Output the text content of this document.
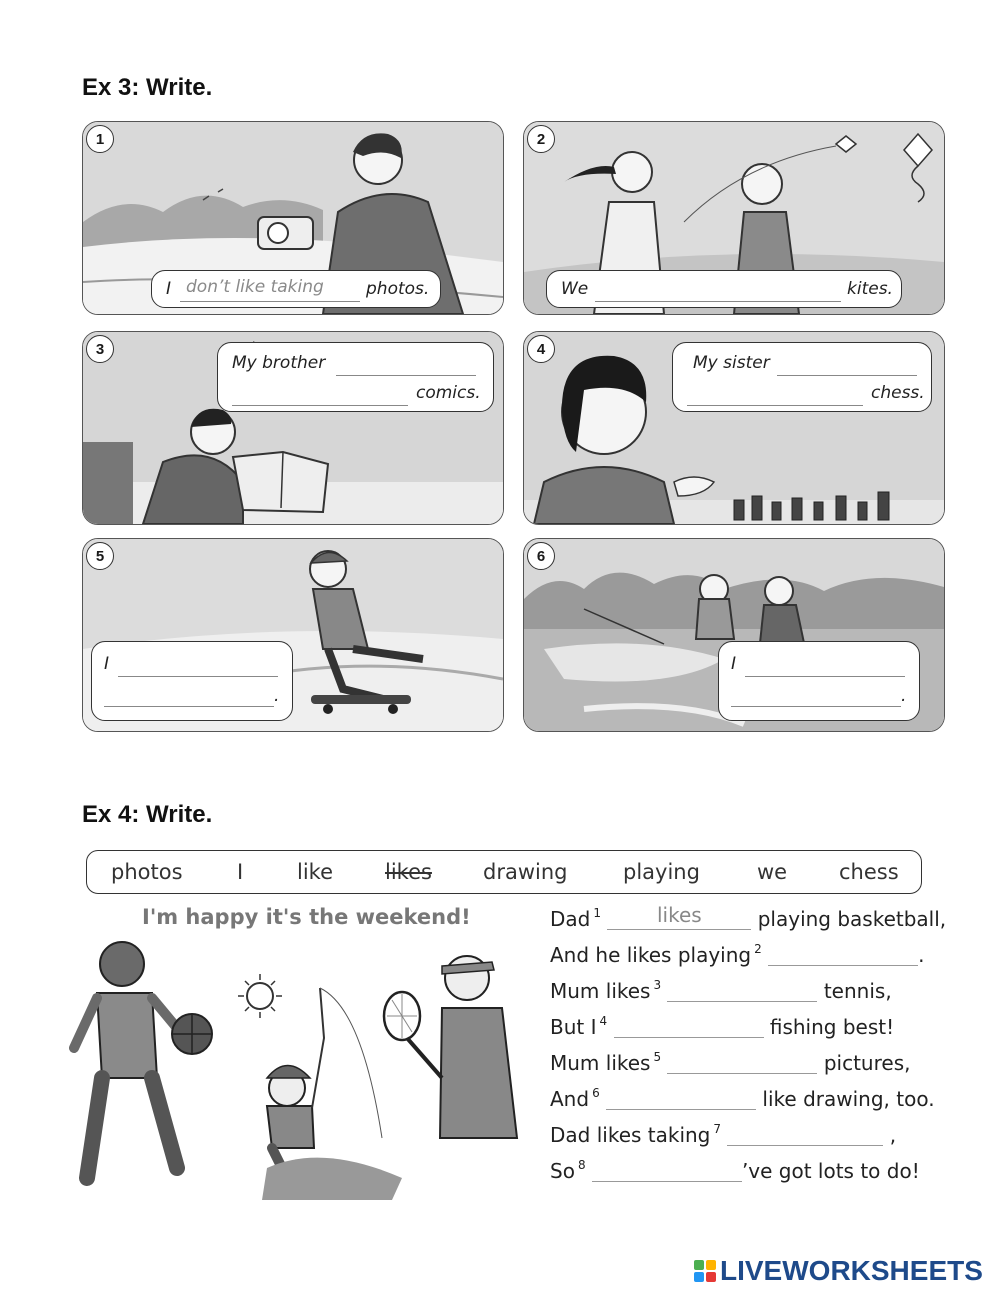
Ex 3: Write.
1
I don’t like taking photos.
2
We	kites.
3
My brother
comics.
4
My sister
chess.
5
I
.
6
I
.
Ex 4: Write.
photos	I	like likes drawing	playing	we chess
I'm happy it's the weekend!	Dad $^1$	likes	playing basketball,
And he likes playing $^2$	.
Mum likes $^3$	tennis,
But I $^4$	fishing best!
Mum likes $^5$	pictures,
And $^6$	like drawing, too.
Dad likes taking $^7$	,
So $^8$	’ve got lots to do!
LIVEWORKSHEETS
